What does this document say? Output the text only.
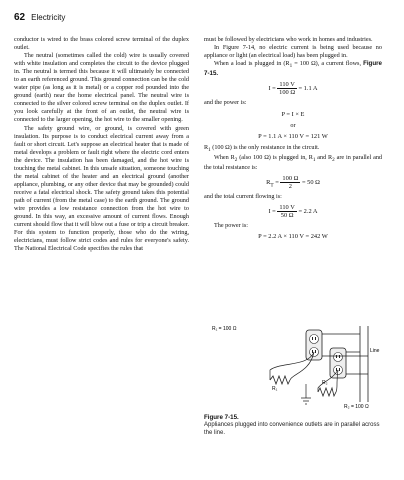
62 Electricity

conductor is wired to the brass colored screw terminal of the duplex outlet.

The neutral (sometimes called the cold) wire is usually covered with white insulation and completes the circuit to the device plugged in. The neutral is termed this because it will ultimately be connected to an earth referenced ground. This ground connection can be the cold water pipe (as long as it is metal) or a copper rod pounded into the ground (earth) near the home electrical panel. The neutral wire is connected to the silver colored screw terminal on the duplex outlet. If you look carefully at the front of an outlet, the neutral wire is connected to the larger opening, the hot wire to the smaller opening.

The safety ground wire, or ground, is covered with green insulation. Its purpose is to conduct electrical current away from a fault or short circuit. Let's suppose an electrical heater that is made of metal develops a problem or fault right where the electric cord enters the device. The insulation has been damaged, and the hot wire is touching the metal cabinet. In this unsafe situation, someone touching the metal cabinet of the heater and an electrical ground (another appliance, plumbing, or any other device that may be grounded) could receive a fatal electrical shock. The safety ground takes this potential path of current (from the metal case) to the earth ground. The ground wire provides a low resistance connection from the hot wire to ground. In this way, an excessive amount of current flows. Enough current should flow that it will blow out a fuse or trip a circuit breaker. For this system to function properly, those who do the wiring, electricians, must follow strict codes and rules for everyone's safety. The National Electrical Code specifies the rules that

must be followed by electricians who work in homes and industries.

In Figure 7-14, no electric current is being used because no appliance or light (an electrical load) has been plugged in.

When a load is plugged in ($R_1 = 100$ Ω), a current flows, Figure 7-15.

$I = \frac{110 V}{100 \Omega} = 1.1$ A

and the power is:

P = I × E
or
P = 1.1 A × 110 V = 121 W

$R_1$ (100 Ω) is the only resistance in the circuit.

When $R_2$ (also 100 Ω) is plugged in, $R_1$ and $R_2$ are in parallel and the total resistance is:

$R_T = \frac{100 \Omega}{2} = 50$ Ω

and the total current flowing is:

$I = \frac{110 V}{50 \Omega} = 2.2$ A

The power is:

P = 2.2 A × 110 V = 242 W
R₁ = 100 Ω
Line
R₁
R₂
R₂ = 100 Ω
Figure 7-15.
Appliances plugged into convenience outlets are in parallel across the line.
